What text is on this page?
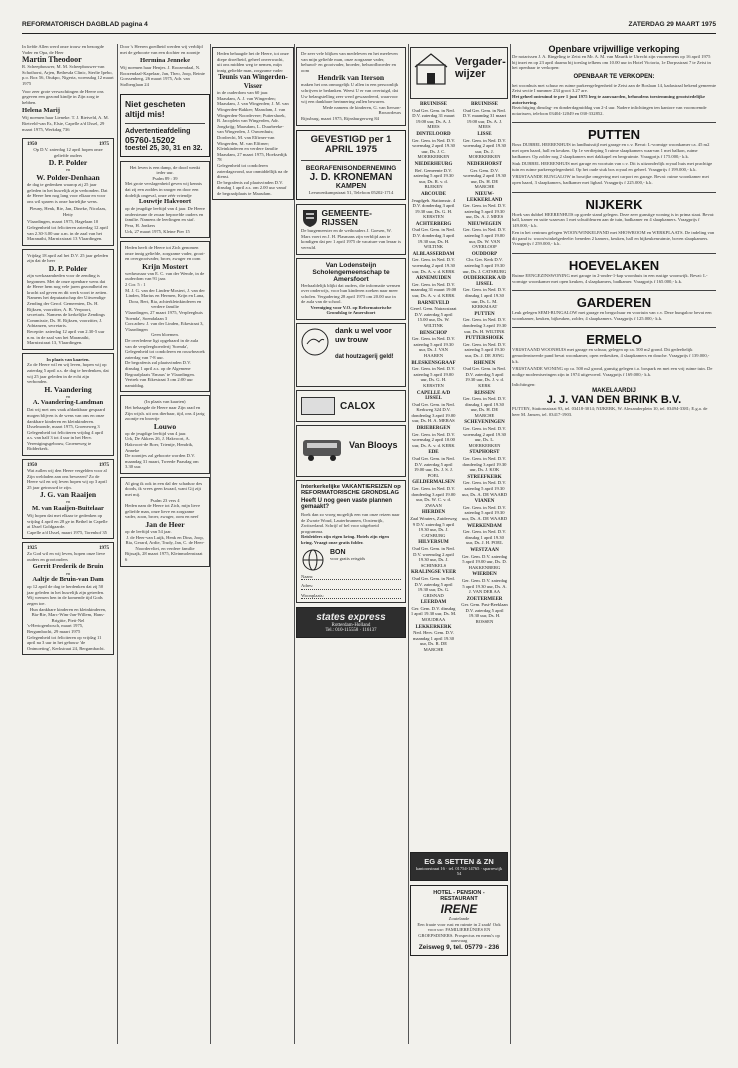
REFORMATORISCH DAGBLAD pagina 4	ZATERDAG 29 MAART 1975
In liefde Allen werd onze trouw en bezorgde Vader en Opa, de Heer
Martin Theodoor
R. Scheepbouwer, M. M. Scheepbouwer-van Schothorst, Arjen, Bethesda Clinic, Sterlie Ipebo, p.o. Box 56, Otukpo, Nigeria, woensdag 12 maart 1975
Voor zeer grote verwachtingen de Heere ons gegeven een gezond kindje in Zijn zorg te hebben.
Helena Marij
Wij noemen haar Lieneke. T. J. Rietveld, A. M. Rietveld-van Es, Elsie, Capelle a/d IJssel, 29 maart 1975, Werkdag 736
1950	1975
Op D.V. zaterdag 12 april hopen onze geliefde ouders
D. P. Polder
en
W. Polder-Denhaan
de dag te gedenken waarop zij 25 jaar geleden in het huwelijk zijn verbonden. Dat de Heere hen nog lang voor elkaar en voor ons wil sparen is onze hartelijke wens.
Pleuny, Henk, Rie, Jan, Dineke, Nicolaas, Hetty
Vlaardingen, maart 1975, Hagelaan 10
Gelegenheid tot feliciteren zaterdag 12 april van 2.30-3.00 uur a.m. in de zaal van het Maranathi, Marnixstraat 13 Vlaardingen.
Vrijdag 18 april zal het D.V. 25 jaar geleden zijn dat de heer
D. P. Polder
zijn werkzaamheden voor de zending is begonnen. Met de onze openbare wens dat de Heere hem nog vele jaren gezondheid en kracht zal geven en dit werk voort te zetten.
Namens het deputaatschap der Uitwendige Zending der Gerof. Gemeenten, Ds. H. Rijksen, voorzitter, A. B. Verpoort, secretaris. Namens de kerkelijke Zendings Commissie, Ds. H. Rijksen, voorzitter, J. Adrianzen, secretaris.
Receptie: zaterdag 12 april van 2.30-5 uur n.m. in de zaal van het Maranathi, Marnixstraat 13, Vlaardingen.
In plaats van kaarten.
Zo de Heere wil en wij leven, hopen wij op zaterdag 5 april a.s. de dag te herdenken, dat wij 25 jaar geleden in de echt zijn verbonden.
H. Vaandering
en
A. Vaandering-Landman
Dat wij met ons vaak afdankbaar gespaard mogen blijven is de wens van ons en onze dankbare kinderen en kleinkinderen.
IJsselmonde, maart 1975, Groeneweg 3
Gelegenheid tot feliciteren vrijdag 4 april a.s. van half 3 tot 4 uur in het Herv. Verenigingsgebouw, Groeneweg te Ridderkerk.
1950	1975
Wat zullen wij den Heere vergelden voor al Zijn weldaden aan ons bewezen? Zo de Heere wil en wij leven hopen wij op 3 april 25 jaar getrouwd te zijn.
J. G. van Raaijen
en
M. van Raaijen-Buitelaar
Wij hopen dat met elkaar te gedenken op vrijdag 4 april en 28 ge in Bethel in Capelle at IJssel Goldgaarde.
Capelle a/d IJssel, maart 1975, Torenhof 35
1925	1975
Zo God wil en wij leven, hopen onze lieve ouders en grootouders
Gerrit Frederik de Bruin
en
Aaltje de Bruin-van Dam
op 12 april de dag te herdenken dat zij 50 jaar geleden in het huwelijk zijn getreden. Wij wensen hen in de komende tijd Gods zegen toe.
Hun dankbare kinderen en kleinkinderen, Bia-Rie, Marc-Wim-Jan-Willem, Hans-Brigitte, Pieti-Nel
's-Hertogenbosch, maart 1975, Bergambacht, 29 maart 1975
Gelegenheid tot feliciteren op vrijdag 11 april na 3 uur in het gebouw 'de Ontmoeting', Kerkstraat 24, Bergambacht.
Door 's Heeren goedheid werden wij verblijd met de geboorte van een dochter en zoontje
Hermina Jenneke
Wij noemen haar Henjes. J. Roozendaal, N. Roozendaal-Kapelaar, Jan, Theo, Joop, Reinie
Gorssenberg, 26 maart 1975, Adr. van Stolberglaan 24
Niet gescheten altijd mis!
Advertentieafdeling
05760-15202
toestel 25, 30, 31 en 32.
Het leven is een damp, de dood wenkt ieder uur.
Psalm 89 : 39
Met grote verslagenheid geven wij kennis dat zij een zoddes in snoger en door een dodelijk ongeval, onze zéér vriendje
Louwtje Hakvoort
op de jeugdige leeftijd van 4 jaar. De Heere ondersteune de zwaar beproefde ouders en familie. Namens de leerlingen en staf.
Pera, H. Jonkers
Urk, 27 maart 1975, Kleine Pier 15
Heden heeft de Heere tot Zich genomen onze innig geliefde, zorgzame vader, groot- en overgrootvader, broer, zwager en oom
Krijn Mostert
weduwnaar van E. C. van der Wende, in de ouderdom van 91 jaar.
2 Cor. 5 : 1
M. J. G. van der Linden-Mostert, J. van der Linden, Marius en Hermen, Krijn en Lana, Dora, Bert, Ria, achterkleinkinderen en verdere familie
Vlaardingen, 27 maart 1975, Verpleeghuis 'Soenda', Soendalaan 3
Corr.adres: J. van der Linden, Eikestraat 3, Vlaardingen
Geen bloemen.
De overledene ligt opgebaard in de aula van de verpleegboerderij 'Soenda', Gelegenheid tot condoleren en rouwbezoek zaterdag van 7-8 uur.
De begrafenis zal plaatsvinden D.V. dinsdag 1 april a.s. op de Algemene Begraafplaats 'Emaus' te Vlaardingen.
Vertrek van Eikestraat 3 om 2:00 uur namiddag.
(In plaats van kaarten)
Het behaagde de Heere naar Zijn raad en Zijn wijsh. uit ons dierbaar, tijd, ons 4 jarig zoontje en broertje
Louwo
op de jeugdige leeftijd van 4 jaar.
Urk, De Akkers 26, J. Hakvoort, A. Hakvoort-de Boer, Trientje, Hendrik, Anneke
De zoontjes zal geboorte worden D.V. maandag 31 maart, Tweede Paasdag om 3.30 uur.
Al ging ik ook in een dal der schaduw des doods, ik vrees geen kwaad, want Gij zijt met mij.
Psalm 23 vers 4
Heden nam de Heere tot Zich, mijn lieve geliefde man, onze lieve en zorgzame vader, zoon, broer, zwager, oom en neef
Jan de Heer
op de leeftijd van 54 jaar.
J. de Heer-van Luijk, Henk en Dina, Joop, Ria, Gerard, Ardie, Trudy, Jan, C. de Heer-Noordervliet, en verdere familie
Bijssajk, 28 maart 1975, Kleinmolenstraat 6
Heden behaagde het de Heere, tot onze diepe droefheid, geheel onverwacht, uit ons midden weg te nemen, mijn innig geliefde man, zorgzame vader
Teunis van Wingerden-Visser
in de ouderdom van 60 jaar.
Maasdam, A. J. van Wingerden; Maasdam, J. van Wingerden; J. M. van Wingerden-Bakker; Maasdam, J. van Wingerden-Noordevere; Puttershoek, B. Jacoplein van Wingerden, Adr. Jongkrijg; Maasdam, L. Duurbeeke-van Wingerden, J. Ouwenhuis; Dordrecht, M. van Elfirner-van Wingerden, M. van Elfirner; Kleinkinderen en verdere familie
Maasdam, 27 maart 1975, Hoeksedijk 78
Gelegenheid tot condoleren zaterdagavond, uur onmiddellijk na de dienst.
De begrafenis zal plaatsvinden D.V. dinsdag 1 april a.s. om 2.00 uur vanaf de begraafplaats te Maasdam.
De zeer vele blijken van medeleven en het meeleven van mijn geliefde man, onze zorgzame vader, behuwd- en grootvader, broeder, behuwdbroeder en oom
Hendrik van Iterson
maken het ons onmogelijk U allen in een persoonlijk schrijven te bedanken. Weest U er van overtuigd, dat Uw belangstelling zeer werd gewaardeerd, waarvoor wij een dankbare herinnering zullen bewaren.
Mede namens de kinderen, G. van Iterson-Brouwdeurs
Rijssburg, maart 1975, Rijnsburgerweg 84
GEVESTIGD per 1 APRIL 1975
BEGRAFENISONDERNEMING
J. D. KRONEMAN
KAMPEN
Leeuwenkampstraat 51, Telefoon 05202-1714
GEMEENTE-RIJSSEN
De burgemeester en de wethouders J. Goesen, W. Mars voert en J. H. Plasmans zijn verblijd aan te kondigen dat per 1 april 1975 de vacature van leraar is vervuld.
Van Lodensteijn Scholengemeenschap te Amersfoort
Herhaaldelijk blijkt dat ouders, die informatie wensen over onderwijs, voor hun kinderen zoeken naar meer scholen. Vergadering 28 april 1975 om 20.00 uur in de aula van de school.
Vereniging voor V.O. op Reformatorische Grondslag te Amersfoort
dank u wel voor uw trouw
dat houtzagerij geld!
CALOX
Van Blooys
Interkerkelijke VAKANTIEREIZEN op REFORMATORISCHE GRONDSLAG
Heeft U nog geen vaste plannen gemaakt?
Boek dan zo vroeg mogelijk een van onze reizen naar de Zwarte Woud, Lauterbrunnen, Oostenrijk, Zwitserland. Schrijf of bel voor uitgebreid programma.
Reisleiders zijn eigen kring. Hotels zijn eigen kring. Vraagt onze gratis folder.
BON
voor gratis reisgids
Naam:
Adres:
Woonplaats:
states express
Rotterdam-Holland
Tel.: 010-115558 · 116137
Vergader-wijzer
BRUINISSE
Oud Ger. Gem. in Ned. D.V. zaterdag 31 maart 19.00 uur, Ds. A. J. MEES
DINTELOORD
Ger. Gem. in Ned. D.V. woensdag 2 april 19.30 uur, Ds. J. C. MOERKERKEN
NIEDERHEURG
Ref. Gemeente D.V. zaterdag 5 april 19.30 uur, Ds. R. v. d. BLEKEN
ABCOUDE
Jeugdgeb. Stationsstr. 4 D.V. donderdag 3 april 19.30 uur, Ds. G. H. KERSTEN
ACHTERBERG
Oud Ger. Gem. in Ned. D.V. donderdag 3 april 19.30 uur, Ds. H. WILTINK
ALBLASSERDAM
Ger. Gem. in Ned. D.V. woensdag 2 april 19.30 uur, Ds. A. v. d. KERK
ARNEMUIDEN
Ger. Gem. in Ned. D.V. maandag 31 maart 19.00 uur, Ds. A. v. d. KERK
BARNEVELD
Geref. Gem. Nairacstraat D.V. zaterdag 5 april 15.00 uur, Ds. W. WILTINK
BENSCHOP
Ger. Gem. in Ned. D.V. zaterdag 5 april 19.30 uur, Ds. J. VAN HAAREN
BLESKENSGRAAF
Ger. Gem. in Ned. D.V. zaterdag 5 april 19.00 uur, Ds. G. H. KERSTEN
CAPELLE A/D IJSSEL
Oud Ger. Gem. in Ned. Kerkweg 324 D.V. donderdag 3 april 19.00 uur, Ds. H. A. MERAS
DRIEBERGEN
Ger. Gem. in Ned. D.V. woensdag 2 april 10.00 uur, Ds. A. v. d. KERK
EDE
Oud Ger. Gem. in Ned. D.V. zaterdag 5 april 19.00 uur, Ds. J. S. J. POEL
GELDERMALSEN
Ger. Gem. in Ned. D.V. donderdag 3 april 19.00 uur, Ds. W. C. v. d. ZWAAN
HIERDEN
Zaal Wouters, Zuiderweg 9 D.V. zaterdag 5 april 19.30 uur, Ds. J. CATSBURG
HILVERSUM
Oud Ger. Gem. in Ned. D.V. woensdag 2 april 19.30 uur, Ds. J. SCHINKELS
KRALINGSE VEER
Oud Ger. Gem. in Ned. D.V. zaterdag 5 april 19.30 uur, Ds. G. GRISNAD
LEERDAM
Ger. Gem. D.V. dinsdag 1 april 19.30 uur, Ds. M. MOUDRAA
LEKKERKERK
Ned. Herv. Gem. D.V. maandag 1 april 19.30 uur, Ds. R. DE MARCHE
BRUINISSE
Oud Ger. Gem. in Ned. D.V. maandag 31 maart 19.00 uur, Ds. A. J. MEES
LISSE
Ger. Gem. in Ned. D.V. woensdag 2 april 19.30 uur, Ds. J. MOERKERKEN
NEDERHORST
Ger. Gem. D.V. woensdag 2 april 19.30 uur, Ds. H. DE MARCHE
NIEUW-LEKKERLAND
Ger. Gem. in Ned. D.V. zaterdag 5 april 19.30 uur, Ds. A. J. MEES
NIEUWEGEIN
Ger. Gem. in Ned. D.V. zaterdag 5 april 19.00 uur, Ds. W. VAN OVERLOOP
OUDDORP
Chr. Ger. Kerk D.V. zaterdag 5 april 19.30 uur, Ds. J. CATSBURG
OUDERKERK A/D IJSSEL
Ger. Gem. in Ned. D.V. dinsdag 1 april 19.30 uur, Ds. L. M. KERKMAAT
PUTTEN
Ger. Gem. in Ned. D.V. donderdag 3 april 19.30 uur, Ds. H. WILTINK
PUTTERSHOEK
Ger. Gem. in Ned. D.V. zaterdag 5 april 19.30 uur, Ds. J. DE JONG
RHENEN
Oud Ger. Gem. in Ned. D.V. zaterdag 5 april 19.30 uur, Ds. J. v. d. KERK
RIJSSEN
Ger. Gem. in Ned. D.V. dinsdag 1 april 19.30 uur, Ds. H. DE MARCHE
SCHEVENINGEN
Ger. Gem. in Ned. D.V. woensdag 2 april 19.30 uur, Ds. L. MOERKERKEN
STAPHORST
Ger. Gem. in Ned. D.V. donderdag 3 april 19.30 uur, Ds. J. KOK
STREEFKERK
Ger. Gem. in Ned. D.V. zaterdag 5 april 19.30 uur, Ds. A. DE WAARD
VIANEN
Ger. Gem. in Ned. D.V. zaterdag 5 april 19.30 uur, Ds. A. DE WAARD
WERKENDAM
Ger. Gem. in Ned. D.V. dinsdag 1 april 19.30 uur, Ds. J. H. POEL
WESTZAAN
Ger. Gem. D.V. zaterdag 5 april 19.00 uur, Ds. D. HAKKENBERG
WIERDEN
Ger. Gem. D.V. zaterdag 5 april 19.30 uur, Ds. A. J. VAN DER AA
ZOETERMEER
Ger. Gem. Past-Beeklaan D.V. zaterdag 5 april 19.30 uur, Ds. H. ROSSEN
EG & SETTEN & ZN
kantoorstraat 16 · tel. 01754-14765 · sparrewijk 54
HOTEL - PENSION - RESTAURANT
IRENE
Zoutelande
Een fraaie voor rust en ruimte in 2 zaak! Ook voor uw: FAMILIEREÜNIES EN GROEPSDINERS. Prospectus en menu's op aanvraag
Zeisweg 9, tel. 05779 - 236
Openbare vrijwillige verkoping
De notarissen J. A. Ringeling te Zeist en Mr. A. M. van Maurik te Utrecht zijn voornemens op 16 april 1975 bij inzet en op 23 april daarna bij toeslag telkens om 10.00 uur in Hotel Victoria, 1e Dorpsstraat 7 te Zeist in het openbaar te verkopen:
OPENBAAR TE VERKOPEN:
het woonhuis met schuur en ruime parkeergelegenheid te Zeist aan de Boslaan 14, kadastraal bekend gemeente Zeist sectie I nummer 234 groot 3.27 are.
Het geheel ontruimd te per 1 juni 1975 leeg te aanvaarden, behoudens toestemming grootstedelijke autorisering.
Bezichtiging dinsdag- en donderdagmiddag van 2-4 uur. Nadere inlichtingen ten kantore van voornoemde notarissen, telefoon 03404-12049 en 030-332852.
PUTTEN
Bosx DUBBEL HEERENHUIS in landhuisstijl met garage en c.v. Bevat: L-vormige woonkamer ca. 45 m2 met open haard, hall en keuken. Op 1e verdieping 5 ruime slaapkamers waarvan 1 met balkon, ruime badkamer. Op zolder nog 2 slaapkamers met dakkapel en bergruimte. Vraagprijs f 175.000,- k.k.
Stuk DUBBEL HEERENHUIS met garage en voortuin van c.v. Dit is uitzonderlijk royaal huis met prachtige tuin en ruime parkeergelegenheid. Op het oude stuk bos royaal en geheel. Vraagprijs f 199.000,- k.k.
VRIJSTAANDE BUNGALOW in bosrijke omgeving met carport en garage. Bevat: ruime woonkamer met open haard, 3 slaapkamers, badkamer met ligbad. Vraagprijs f 225.000,- k.k.
NIJKERK
Hoek van dubbel HEERENHUIS op goede stand gelegen. Deze zeer gunstige woning is in prima staat. Bevat: hall, kamer en suite waarvan 1 met schuifdeuren aan de tuin, badkamer en 4 slaapkamers. Vraagprijs f 149.000,- k.k.
Een in het centrum gelegen WOON/WINKELPAND met SHOWROOM en WERKPLAATS. De indeling van dit pand is: woon/winkelgedeelte: beneden 2 kamers, keuken, hall en bijkeukenruimte, boven slaapkamers. Vraagprijs f 259.000,- k.k.
HOEVELAKEN
Ruime EENGEZINSWONING met garage in 2-onder-1-kap woonhuis in een rustige woonwijk. Bevat: L-vormige woonkamer met open keuken, 4 slaapkamers, badkamer. Vraagprijs f 165.000,- k.k.
GARDEREN
Leuk gelegen SEMI-BUNGALOW met garage en bergschuur en voortuin van c.v. Deze bungalow bevat een woonkamer, keuken, bijkeuken, zolder, 4 slaapkamers. Vraagprijs f 125.000,- k.k.
ERMELO
VRIJSTAAND WOONHUIS met garage en schuur, gelegen op ca. 500 m2 grond. Dit gedeeltelijk gemoderniseerde pand bevat woonkamer, open eetkeuken, 4 slaapkamers en douche. Vraagprijs f 139.000,- k.k.
VRIJSTAANDE WONING op ca. 500 m2 grond, gunstig gelegen t.o. bospark en met een vrij ruime tuin. De nodige moderniseringen zijn in 1974 uitgevoerd. Vraagprijs f 169.000,- k.k.
Inlichtingen:
MAKELAARDIJ
J. J. VAN DEN BRINK B.V.
PUTTEN, Stationsstraat 93, tel. 03418-3014; NIJKERK, W. Alexanderplein 10, tel. 03494-3381; E.g.a. de heer M. Jansen, tel. 03417-1903.
